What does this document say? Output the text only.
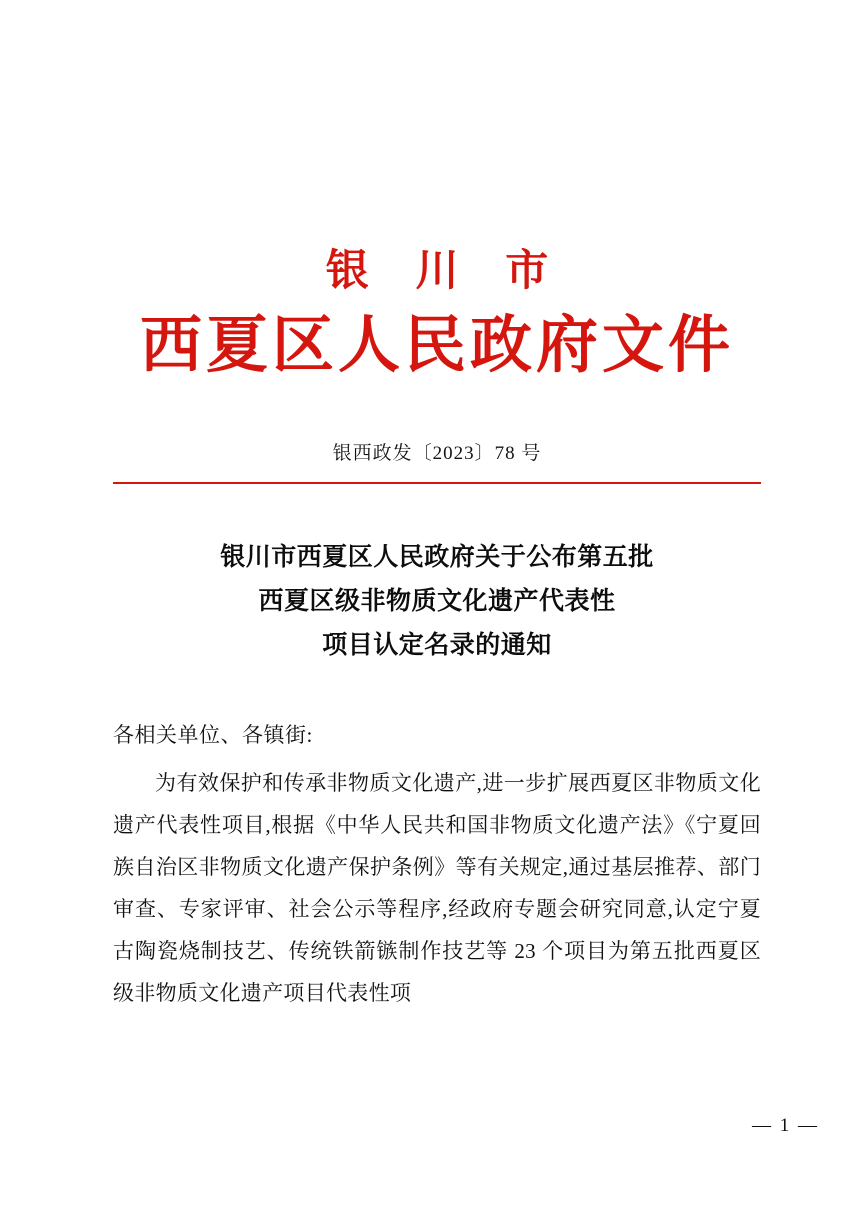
银 川 市
西夏区人民政府文件
银西政发〔2023〕78 号
银川市西夏区人民政府关于公布第五批
西夏区级非物质文化遗产代表性
项目认定名录的通知
各相关单位、各镇街:
为有效保护和传承非物质文化遗产,进一步扩展西夏区非物质文化遗产代表性项目,根据《中华人民共和国非物质文化遗产法》《宁夏回族自治区非物质文化遗产保护条例》等有关规定,通过基层推荐、部门审查、专家评审、社会公示等程序,经政府专题会研究同意,认定宁夏古陶瓷烧制技艺、传统铁箭镞制作技艺等 23 个项目为第五批西夏区级非物质文化遗产项目代表性项
— 1 —
